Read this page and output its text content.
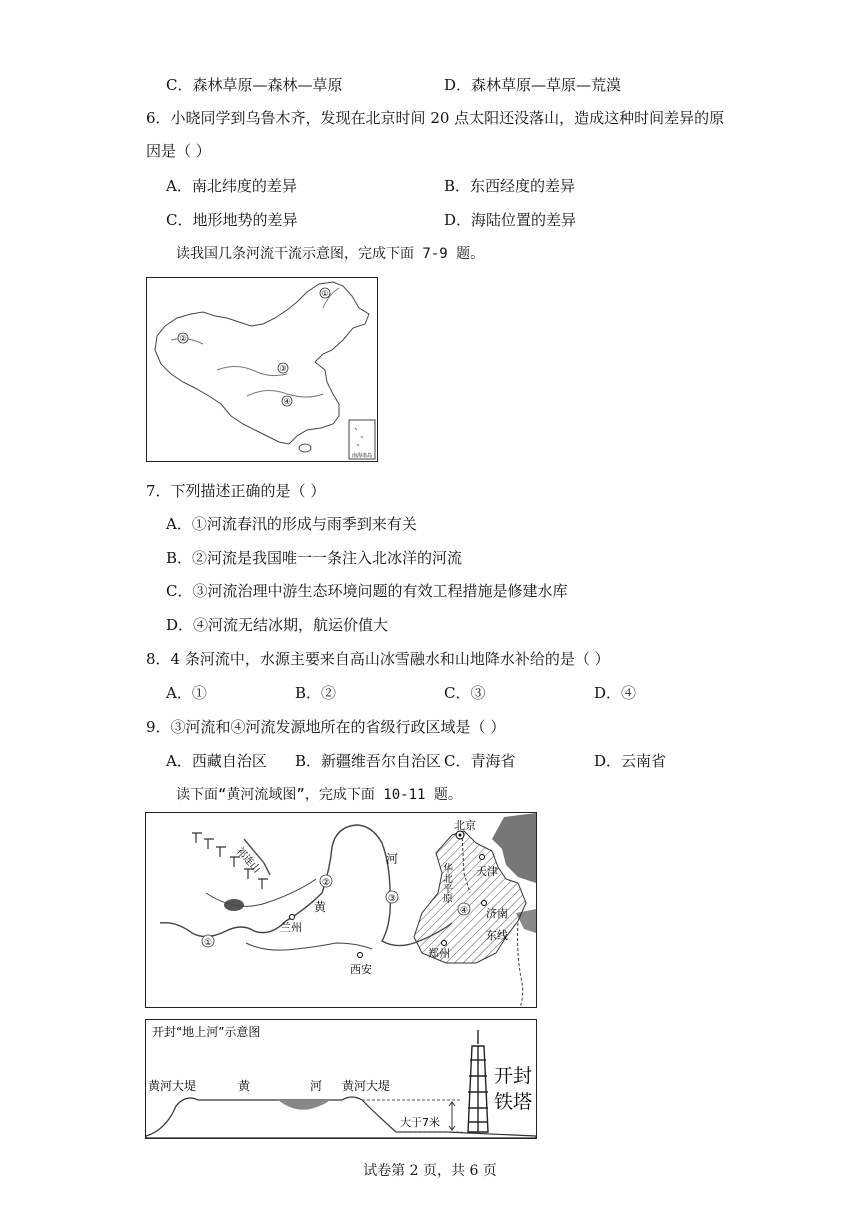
C．森林草原—森林—草原	D．森林草原—草原—荒漠
6．小晓同学到乌鲁木齐，发现在北京时间 20 点太阳还没落山，造成这种时间差异的原
因是（ ）
A．南北纬度的差异	B．东西经度的差异
C．地形地势的差异	D．海陆位置的差异
读我国几条河流干流示意图，完成下面 7-9 题。
①
②
③
④
南海诸岛
7．下列描述正确的是（ ）
A．①河流春汛的形成与雨季到来有关
B．②河流是我国唯一一条注入北冰洋的河流
C．③河流治理中游生态环境问题的有效工程措施是修建水库
D．④河流无结冰期，航运价值大
8．4 条河流中，水源主要来自高山冰雪融水和山地降水补给的是（ ）
A．①	B．②	C．③	D．④
9．③河流和④河流发源地所在的省级行政区域是（ ）
A．西藏自治区 B．新疆维吾尔自治区 C．青海省	D．云南省
读下面“黄河流域图”，完成下面 10-11 题。
北京
天津
济南
郑州
西安
兰州
黄
河
祁连山
华北平原
东线
①
②
③
④
开封“地上河”示意图
黄河大堤	黄	河 黄河大堤
大于7米
开封
铁塔
试卷第 2 页，共 6 页
